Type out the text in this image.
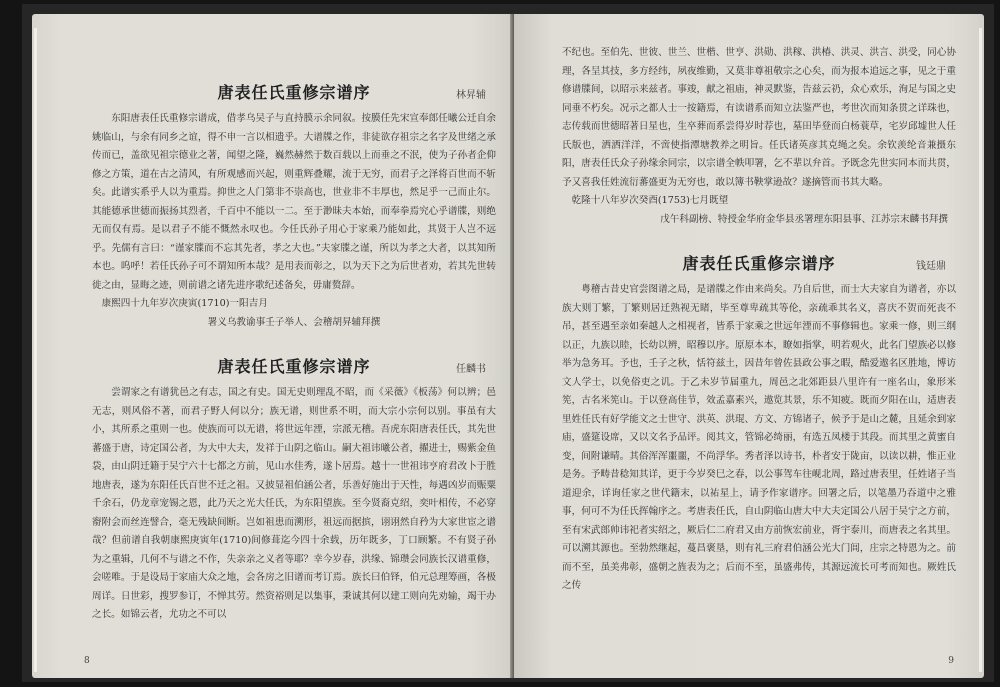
唐表任氏重修宗谱序	林昇辅

东阳唐表任氏重修宗谱成，借孝乌吴子与直持膜示余同叙。按膜任先宋宣奉郎任曦公迁自余姚临山，与余有同乡之谊，得不申一言以相遗乎。大谱牒之作，非徒欲存祖宗之名字及世绪之承传而已，盖欲见祖宗德业之著，闻望之隆，巍然赫然于数百载以上而垂之不泯，使为子孙者企仰修之方策，道在古之清风，有所观感而兴起，则重辉叠耀，流于无穷，而君子之泽将百世而不斩矣。此谱实系乎人以为重焉。抑世之人门第非不崇高也，世业非不丰厚也，然足乎一己而止尔。其能德承世德而振扬其烈者，千百中不能以一二。至于渺昧夫本始，而奉拳焉究心乎谱牒，则绝无而仅有焉。是以君子不能不慨然永叹也。今任氏孙子用心于家乘乃能如此，其贤于人岂不远乎。先儒有言曰：“谨家牒而不忘其先者，孝之大也。”夫家牒之谨，所以为孝之大者，以其知所本也。呜呼！若任氏孙子可不谓知所本哉？是用表而彰之，以为天下之为后世者劝，若其先世转徙之由，显晦之迹，则前谱之诸先进序歌纪述备矣，毋庸赘辞。

康熙四十九年岁次庚寅(1710)一阳吉月
署义乌教谕事壬子举人、会稽胡昇辅拜撰
唐表任氏重修宗谱序	任麟书

尝谓家之有谱犹邑之有志，国之有史。国无史则理乱不昭，而《采薇》《板荡》何以辨；邑无志，则风俗不著，而君子野人何以分；族无谱，则世系不明，而大宗小宗何以别。事虽有大小，其所系之重则一也。使族而可以无谱，将世远年湮，宗派无稽。吾虎东阳唐表任氏，其先世蕃盛于唐，诗定国公者，为大中大夫，发祥于山阴之临山。嗣大祖讳曦公者，擢进士，赐紫金鱼袋，由山阴迁籍于吴宁六十七都之方前，见山水佳秀，遂卜居焉。越十一世祖讳亨府君改卜于胜地唐表，遂为东阳任氏百世不迁之祖。又披显祖伯涵公者，乐善好施出于天性，每遇凶岁而赈粟千余石，仍龙章宠锡之恩，此乃天之光大任氏，为东阳望族。至今贤裔克绍，奕叶相传，不必穿窬附会而丝连譬合，毫无残缺间断。岂如祖患而溯形，祖远而据摈，诩诩然自矜为大家世宦之谱哉？但前谱自我朝康熙庚寅年(1710)间修葺迄今四十余载，历年既多，丁口顾繁。不有贤子孙为之重辑，几何不与谱之不作，失亲亲之义者等耶？幸今岁春，洪缘、锦瓒会同族长汉谱重修，会嗟唯。于是设局于家庙大众之地，会各房之旧谱而考订焉。族长曰伯铎，伯元总理筹画，各极周详。日世彩，搜罗参订，不惮其劳。然资裕则足以集事，秉诚其何以建工则向先劝输，竭干办之长。如锦云者，尤功之不可以

8

不纪也。至伯先、世彼、世兰、世楷、世亨、洪勋、洪稼、洪椿、洪灵、洪言、洪受，同心协理，各呈其技，多方经纬，夙夜维勤，又莫非尊祖敬宗之心矣，而为报本追远之事，见之于重修谱牒间，以昭示来兹者。事竣，献之祖庙，神灵默鉴，告兹云礽，众心欢乐，洵足与国之史同垂不朽矣。况示之都人士一按籍焉，有读谱系而知立法鉴严也，考世次而知条贯之详珠也，志传载而世德昭著日星也，生卒葬而系尝得岁时荐也，墓田毕登而白杨蓑草，宅岁邱墟世人任氏版也，洒洒洋洋，不啻使指潭塘教养之明旨。任氏诸英彦其克绳之矣。余钦羡纶音兼摄东阳，唐表任氏众子孙缘余同宗，以宗谱全帙叩署，乞不辈以弁首。予既念先世实同本而共贯，予又喜我任姓流衍蕃盛更为无穷也，敢以簿书鞅掌逊故？遂摘管而书其大略。

乾隆十八年岁次癸酉(1753)七月既望
戊午科副榜、特授金华府金华县丞署理东阳县事、江苏宗末麟书拜撰
唐表任氏重修宗谱序	钱廷鼎

粤稽古昔史官尝图谱之局，是谱牒之作由来尚矣。乃自后世，而士大夫家自为谱者，亦以族大则丁繁，丁繁则居迁熟视无睹，毕至尊卑疏其等伦，亲疏乖其名义，喜庆不贺而死丧不吊，甚至遇至亲如秦越人之相视者，皆系于家乘之世远年湮而不事修辑也。家乘一修，则三纲以正，九族以睦，长幼以辨，昭穆以序。原原本本，瞭如指掌，明若观火，此名门望族必以修举为急务耳。予也，壬子之秋，恬符兹土，因昔年曾佐县政公事之暇，酷爱遨名区胜地，博访文人学士，以免俗吏之讥。于乙未岁节届重九，周邑之北郊距县八里许有一座名山，象形米筅，古名米筅山。于以登高佳节，效孟嘉素兴，遨览其景，乐不知疲。既而夕阳在山，适唐表里姓任氏有好学能文之士世守、洪英、洪琨、方文、方锦诸子，候予于是山之麓，且延余到家庙，盛筵设席，又以文名予品评。阅其文，管锦必绮丽，有选五凤楼于其段。而其里之黄蜜自变，间附谦晴。其俗浑浑噩噩，不尚浮华。秀者泽以诗书，朴者安于陇亩，以读以耕，惟正业是务。予畴昔稔知其详，更于今岁癸巳之春，以公事驾车往岘北周，路过唐表里，任姓诸子当道迎余，详询任家之世代籍末，以祐星上，请予作家谱序。回署之后，以笔墨乃吞道中之雅事，何可不为任氏挥翰序之。考唐表任氏，自山阴临山唐大中大夫定国公八居于吴宁之方前，至有宋武郎帅讳祀者实绍之，厥后仁二府君又由方前恢宏前业，胥宇泰川，而唐表之名其里。可以溯其源也。至勃然继起，蔓昌褒垦，则有礼三府君伯涵公光大门闾，庄宗之特恩为之。前而不至，虽美弗彰，盛朝之旌表为之；后而不至，虽盛弗传，其源远流长可考而知也。厥姓氏之传

9
